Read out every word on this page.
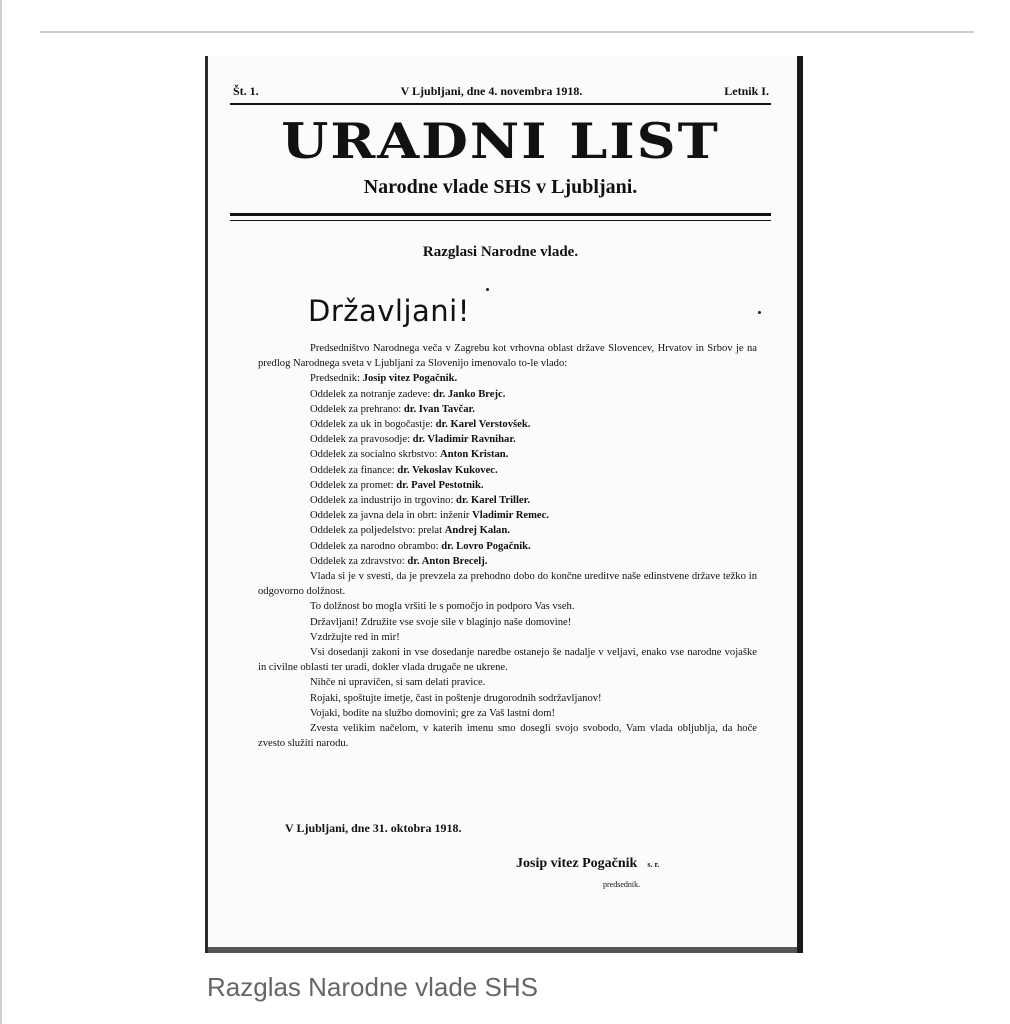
Št. 1.	V Ljubljani, dne 4. novembra 1918.	Letnik I.
URADNI LIST
Narodne vlade SHS v Ljubljani.
Razglasi Narodne vlade.
Državljani!

Predsedništvo Narodnega veča v Zagrebu kot vrhovna oblast države Slovencev, Hrvatov in Srbov je na predlog Narodnega sveta v Ljubljani za Slovenijo imenovalo to-le vlado:

Predsednik: Josip vitez Pogačnik.

Oddelek za notranje zadeve: dr. Janko Brejc.

Oddelek za prehrano: dr. Ivan Tavčar.

Oddelek za uk in bogočastje: dr. Karel Verstovšek.

Oddelek za pravosodje: dr. Vladimir Ravnihar.

Oddelek za socialno skrbstvo: Anton Kristan.

Oddelek za finance: dr. Vekoslav Kukovec.

Oddelek za promet: dr. Pavel Pestotnik.

Oddelek za industrijo in trgovino: dr. Karel Triller.

Oddelek za javna dela in obrt: inženir Vladimir Remec.

Oddelek za poljedelstvo: prelat Andrej Kalan.

Oddelek za narodno obrambo: dr. Lovro Pogačnik.

Oddelek za zdravstvo: dr. Anton Brecelj.

Vlada si je v svesti, da je prevzela za prehodno dobo do končne ureditve naše edinstvene države težko in odgovorno dolžnost.

To dolžnost bo mogla vršiti le s pomočjo in podporo Vas vseh.

Državljani! Združite vse svoje sile v blaginjo naše domovine!

Vzdržujte red in mir!

Vsi dosedanji zakoni in vse dosedanje naredbe ostanejo še nadalje v veljavi, enako vse narodne vojaške in civilne oblasti ter uradi, dokler vlada drugače ne ukrene.

Nihče ni upravičen, si sam delati pravice.

Rojaki, spoštujte imetje, čast in poštenje drugorodnih sodržavljanov!

Vojaki, bodite na službo domovini; gre za Vaš lastni dom!

Zvesta velikim načelom, v katerih imenu smo dosegli svojo svobodo, Vam vlada obljublja, da hoče zvesto služiti narodu.

V Ljubljani, dne 31. oktobra 1918.
Josip vitez Pogačnik s. r.
predsednik.
Razglas Narodne vlade SHS
